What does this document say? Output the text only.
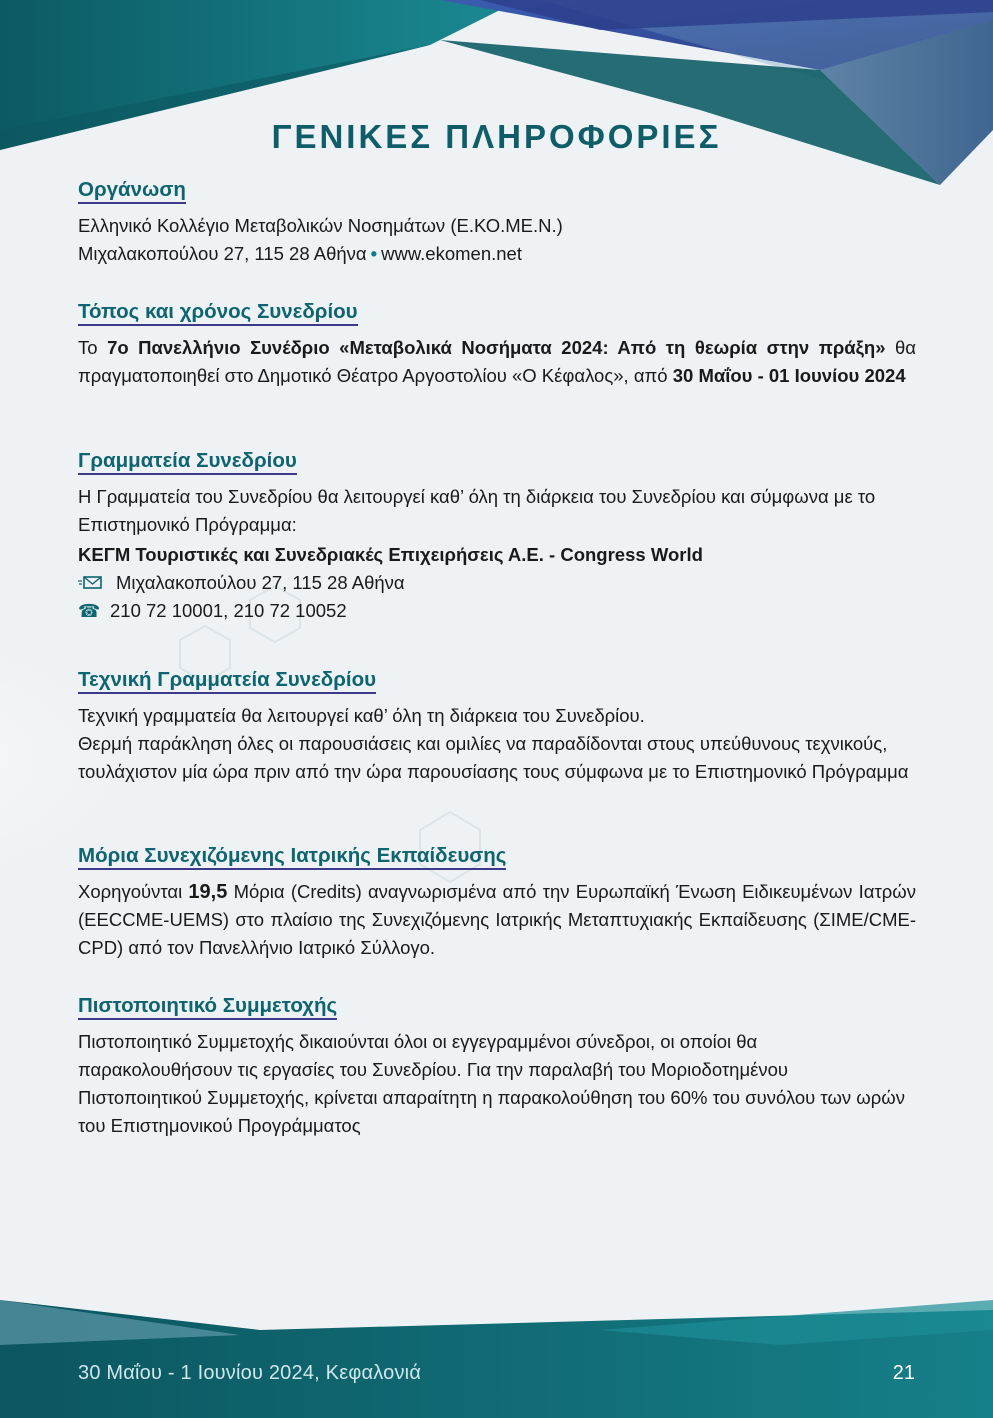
ΓΕΝΙΚΕΣ ΠΛΗΡΟΦΟΡΙΕΣ
Οργάνωση

Ελληνικό Κολλέγιο Μεταβολικών Νοσημάτων (Ε.ΚΟ.ΜΕ.Ν.)

Μιχαλακοπούλου 27, 115 28 Αθήνα • www.ekomen.net

Τόπος και χρόνος Συνεδρίου

Το 7ο Πανελλήνιο Συνέδριο «Μεταβολικά Νοσήματα 2024: Από τη θεωρία στην πράξη» θα πραγματοποιηθεί στο Δημοτικό Θέατρο Αργοστολίου «Ο Κέφαλος», από 30 Μαΐου - 01 Ιουνίου 2024

Γραμματεία Συνεδρίου

Η Γραμματεία του Συνεδρίου θα λειτουργεί καθ’ όλη τη διάρκεια του Συνεδρίου και σύμφωνα με το Επιστημονικό Πρόγραμμα:

ΚΕΓΜ Τουριστικές και Συνεδριακές Επιχειρήσεις Α.Ε. - Congress World

Μιχαλακοπούλου 27, 115 28 Αθήνα
☎ 210 72 10001, 210 72 10052
Τεχνική Γραμματεία Συνεδρίου

Τεχνική γραμματεία θα λειτουργεί καθ’ όλη τη διάρκεια του Συνεδρίου.

Θερμή παράκληση όλες οι παρουσιάσεις και ομιλίες να παραδίδονται στους υπεύθυνους τεχνικούς, τουλάχιστον μία ώρα πριν από την ώρα παρουσίασης τους σύμφωνα με το Επιστημονικό Πρόγραμμα

Μόρια Συνεχιζόμενης Ιατρικής Εκπαίδευσης

Χορηγούνται 19,5 Μόρια (Credits) αναγνωρισμένα από την Ευρωπαϊκή Ένωση Ειδικευμένων Ιατρών (EECCME-UEMS) στο πλαίσιο της Συνεχιζόμενης Ιατρικής Μεταπτυχιακής Εκπαίδευσης (ΣΙΜΕ/CME-CPD) από τον Πανελλήνιο Ιατρικό Σύλλογο.

Πιστοποιητικό Συμμετοχής

Πιστοποιητικό Συμμετοχής δικαιούνται όλοι οι εγγεγραμμένοι σύνεδροι, οι οποίοι θα παρακολουθήσουν τις εργασίες του Συνεδρίου. Για την παραλαβή του Μοριοδοτημένου Πιστοποιητικού Συμμετοχής, κρίνεται απαραίτητη η παρακολούθηση του 60% του συνόλου των ωρών του Επιστημονικού Προγράμματος

30 Μαΐου - 1 Ιουνίου 2024, Κεφαλονιά	21
